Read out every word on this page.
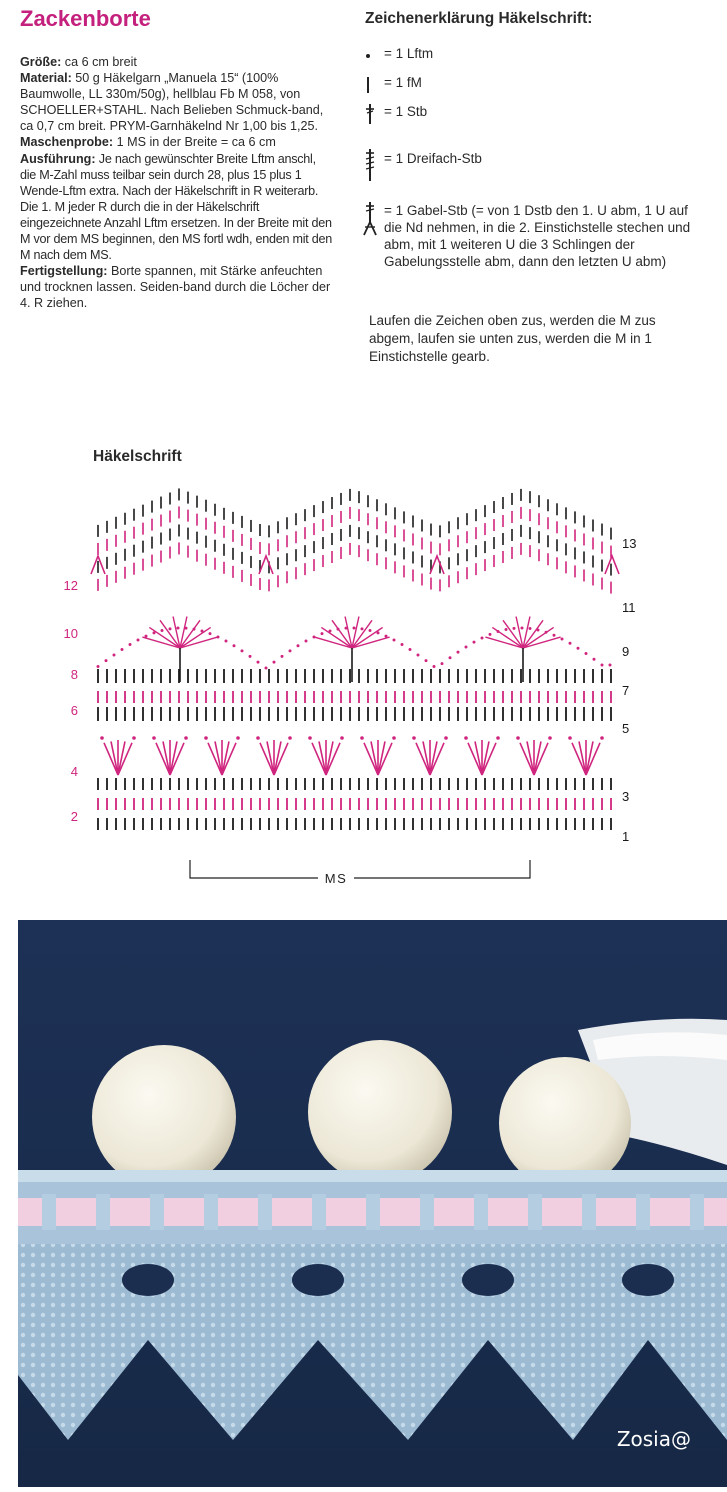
Zackenborte

Größe: ca 6 cm breit

Material: 50 g Häkelgarn „Manuela 15“ (100% Baumwolle, LL 330m/50g), hellblau Fb M 058, von SCHOELLER+STAHL. Nach Belieben Schmuck-band, ca 0,7 cm breit. PRYM-Garnhäkelnd Nr 1,00 bis 1,25.

Maschenprobe: 1 MS in der Breite = ca 6 cm

Ausführung: Je nach gewünschter Breite Lftm anschl, die M-Zahl muss teilbar sein durch 28, plus 15 plus 1 Wende-Lftm extra. Nach der Häkelschrift in R weiterarb. Die 1. M jeder R durch die in der Häkelschrift eingezeichnete Anzahl Lftm ersetzen. In der Breite mit den M vor dem MS beginnen, den MS fortl wdh, enden mit den M nach dem MS.

Fertigstellung: Borte spannen, mit Stärke anfeuchten und trocknen lassen. Seiden-band durch die Löcher der 4. R ziehen.

Zeichenerklärung Häkelschrift:
= 1 Lftm
= 1 fM
= 1 Stb
= 1 Dreifach-Stb
= 1 Gabel-Stb (= von 1 Dstb den 1. U abm, 1 U auf die Nd nehmen, in die 2. Einstichstelle stechen und abm, mit 1 weiteren U die 3 Schlingen der Gabelungsstelle abm, dann den letzten U abm)
Laufen die Zeichen oben zus, werden die M zus abgem, laufen sie unten zus, werden die M in 1 Einstichstelle gearb.
Häkelschrift
2
4
6
8
10
12
1
3
5
7
9
11
13
MS
Zosia@
